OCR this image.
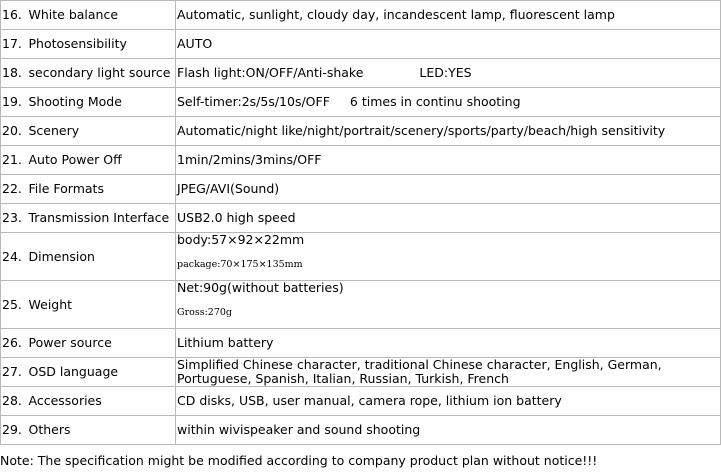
16.	White balance	Automatic, sunlight, cloudy day, incandescent lamp, fluorescent lamp
17.	Photosensibility	AUTO
18.	secondary light source	Flash light:ON/OFF/Anti-shake LED:YES
19.	Shooting Mode	Self-timer:2s/5s/10s/OFF 6 times in continu shooting
20.	Scenery	Automatic/night like/night/portrait/scenery/sports/party/beach/high sensitivity
21.	Auto Power Off	1min/2mins/3mins/OFF
22.	File Formats	JPEG/AVI(Sound)
23.	Transmission Interface	USB2.0 high speed
24.	Dimension	body:57×92×22mm
package:70×175×135mm

25.	Weight	Net:90g(without batteries)
Gross:270g

26.	Power source	Lithium battery
27.	OSD language	Simplified Chinese character, traditional Chinese character, English, German,
Portuguese, Spanish, Italian, Russian, Turkish, French
28.	Accessories	CD disks, USB, user manual, camera rope, lithium ion battery
29.	Others	within wivispeaker and sound shooting
Note: The specification might be modified according to company product plan without notice!!!
